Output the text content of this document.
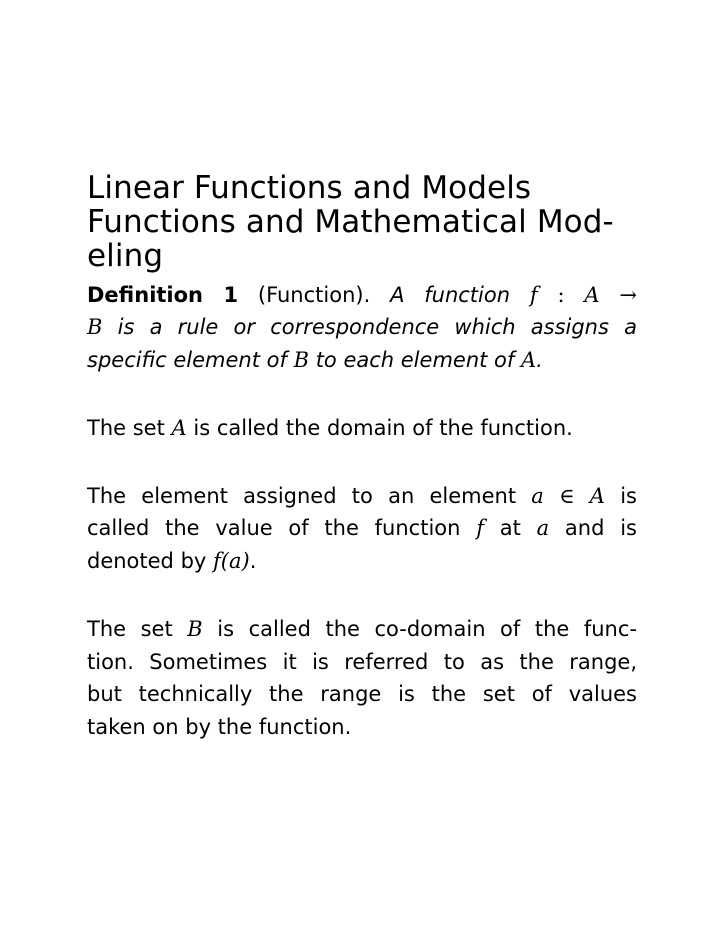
Linear Functions and Models
Functions and Mathematical Mod-
eling
Definition 1 (Function). A function f : A →
B is a rule or correspondence which assigns a
specific element of B to each element of A.
The set A is called the domain of the function.
The element assigned to an element a ∈ A is
called the value of the function f at a and is
denoted by f(a).
The set B is called the co-domain of the func-
tion. Sometimes it is referred to as the range,
but technically the range is the set of values
taken on by the function.
